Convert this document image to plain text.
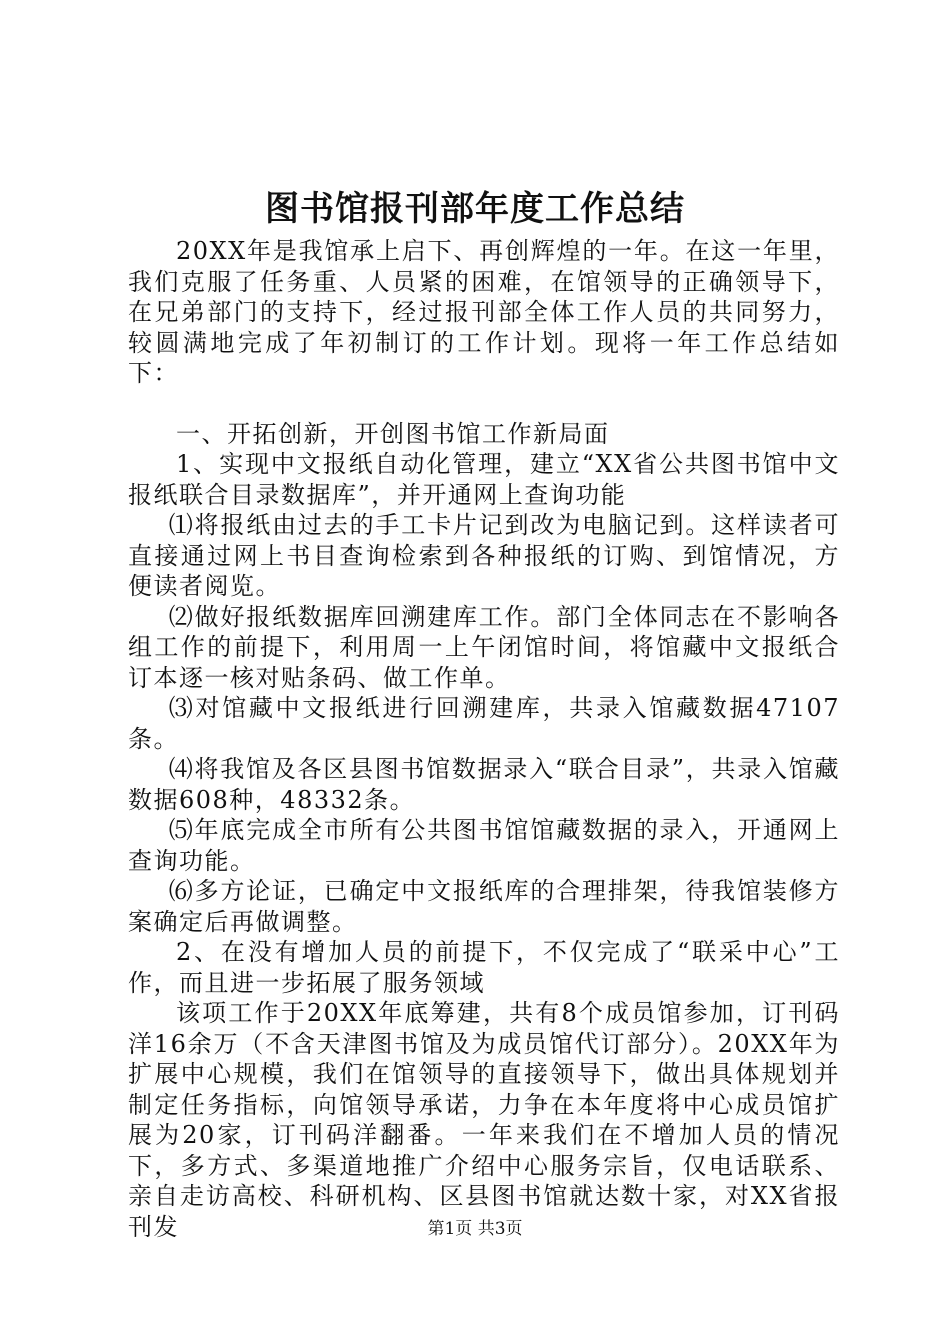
图书馆报刊部年度工作总结

20XX年是我馆承上启下、再创辉煌的一年。在这一年里，我们克服了任务重、人员紧的困难，在馆领导的正确领导下，在兄弟部门的支持下，经过报刊部全体工作人员的共同努力，较圆满地完成了年初制订的工作计划。现将一年工作总结如下：

一、开拓创新，开创图书馆工作新局面

1、实现中文报纸自动化管理，建立“XX省公共图书馆中文报纸联合目录数据库”，并开通网上查询功能

⑴将报纸由过去的手工卡片记到改为电脑记到。这样读者可直接通过网上书目查询检索到各种报纸的订购、到馆情况，方便读者阅览。

⑵做好报纸数据库回溯建库工作。部门全体同志在不影响各组工作的前提下，利用周一上午闭馆时间，将馆藏中文报纸合订本逐一核对贴条码、做工作单。

⑶对馆藏中文报纸进行回溯建库，共录入馆藏数据47107条。

⑷将我馆及各区县图书馆数据录入“联合目录”，共录入馆藏数据608种，48332条。

⑸年底完成全市所有公共图书馆馆藏数据的录入，开通网上查询功能。

⑹多方论证，已确定中文报纸库的合理排架，待我馆装修方案确定后再做调整。

2、在没有增加人员的前提下，不仅完成了“联采中心”工作，而且进一步拓展了服务领域

该项工作于20XX年底筹建，共有8个成员馆参加，订刊码洋16余万（不含天津图书馆及为成员馆代订部分）。20XX年为扩展中心规模，我们在馆领导的直接领导下，做出具体规划并制定任务指标，向馆领导承诺，力争在本年度将中心成员馆扩展为20家，订刊码洋翻番。一年来我们在不增加人员的情况下，多方式、多渠道地推广介绍中心服务宗旨，仅电话联系、亲自走访高校、科研机构、区县图书馆就达数十家，对XX省报刊发	第1页 共3页
